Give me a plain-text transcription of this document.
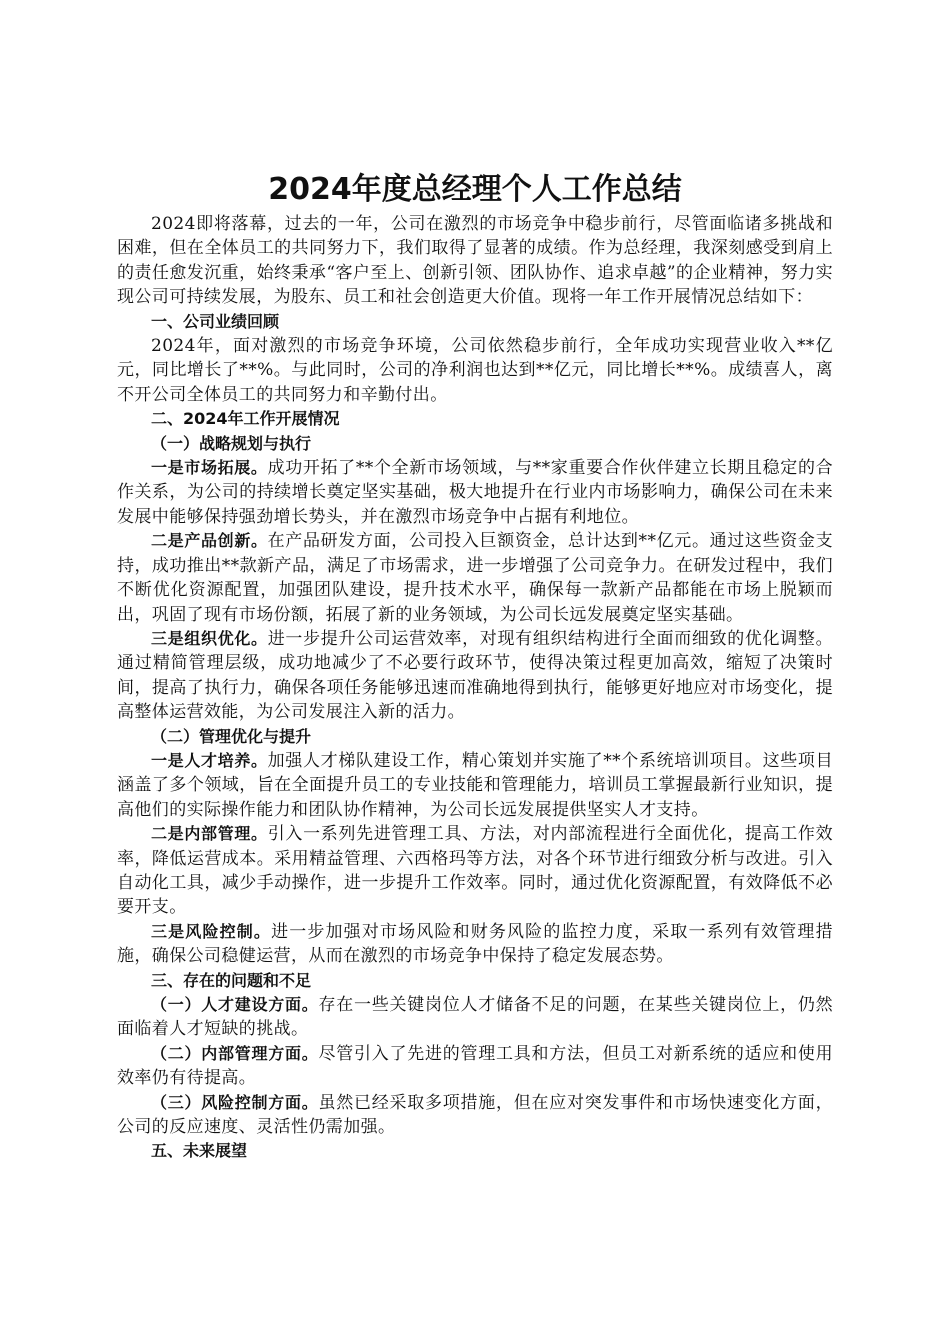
2024年度总经理个人工作总结

2024即将落幕，过去的一年，公司在激烈的市场竞争中稳步前行，尽管面临诸多挑战和困难，但在全体员工的共同努力下，我们取得了显著的成绩。作为总经理，我深刻感受到肩上的责任愈发沉重，始终秉承“客户至上、创新引领、团队协作、追求卓越”的企业精神，努力实现公司可持续发展，为股东、员工和社会创造更大价值。现将一年工作开展情况总结如下：

一、公司业绩回顾

2024年，面对激烈的市场竞争环境，公司依然稳步前行，全年成功实现营业收入**亿元，同比增长了**%。与此同时，公司的净利润也达到**亿元，同比增长**%。成绩喜人，离不开公司全体员工的共同努力和辛勤付出。

二、2024年工作开展情况

（一）战略规划与执行

一是市场拓展。成功开拓了**个全新市场领域，与**家重要合作伙伴建立长期且稳定的合作关系，为公司的持续增长奠定坚实基础，极大地提升在行业内市场影响力，确保公司在未来发展中能够保持强劲增长势头，并在激烈市场竞争中占据有利地位。

二是产品创新。在产品研发方面，公司投入巨额资金，总计达到**亿元。通过这些资金支持，成功推出**款新产品，满足了市场需求，进一步增强了公司竞争力。在研发过程中，我们不断优化资源配置，加强团队建设，提升技术水平，确保每一款新产品都能在市场上脱颖而出，巩固了现有市场份额，拓展了新的业务领域，为公司长远发展奠定坚实基础。

三是组织优化。进一步提升公司运营效率，对现有组织结构进行全面而细致的优化调整。通过精简管理层级，成功地减少了不必要行政环节，使得决策过程更加高效，缩短了决策时间，提高了执行力，确保各项任务能够迅速而准确地得到执行，能够更好地应对市场变化，提高整体运营效能，为公司发展注入新的活力。

（二）管理优化与提升

一是人才培养。加强人才梯队建设工作，精心策划并实施了**个系统培训项目。这些项目涵盖了多个领域，旨在全面提升员工的专业技能和管理能力，培训员工掌握最新行业知识，提高他们的实际操作能力和团队协作精神，为公司长远发展提供坚实人才支持。

二是内部管理。引入一系列先进管理工具、方法，对内部流程进行全面优化，提高工作效率，降低运营成本。采用精益管理、六西格玛等方法，对各个环节进行细致分析与改进。引入自动化工具，减少手动操作，进一步提升工作效率。同时，通过优化资源配置，有效降低不必要开支。

三是风险控制。进一步加强对市场风险和财务风险的监控力度，采取一系列有效管理措施，确保公司稳健运营，从而在激烈的市场竞争中保持了稳定发展态势。

三、存在的问题和不足

（一）人才建设方面。存在一些关键岗位人才储备不足的问题，在某些关键岗位上，仍然面临着人才短缺的挑战。

（二）内部管理方面。尽管引入了先进的管理工具和方法，但员工对新系统的适应和使用效率仍有待提高。

（三）风险控制方面。虽然已经采取多项措施，但在应对突发事件和市场快速变化方面，公司的反应速度、灵活性仍需加强。

五、未来展望
